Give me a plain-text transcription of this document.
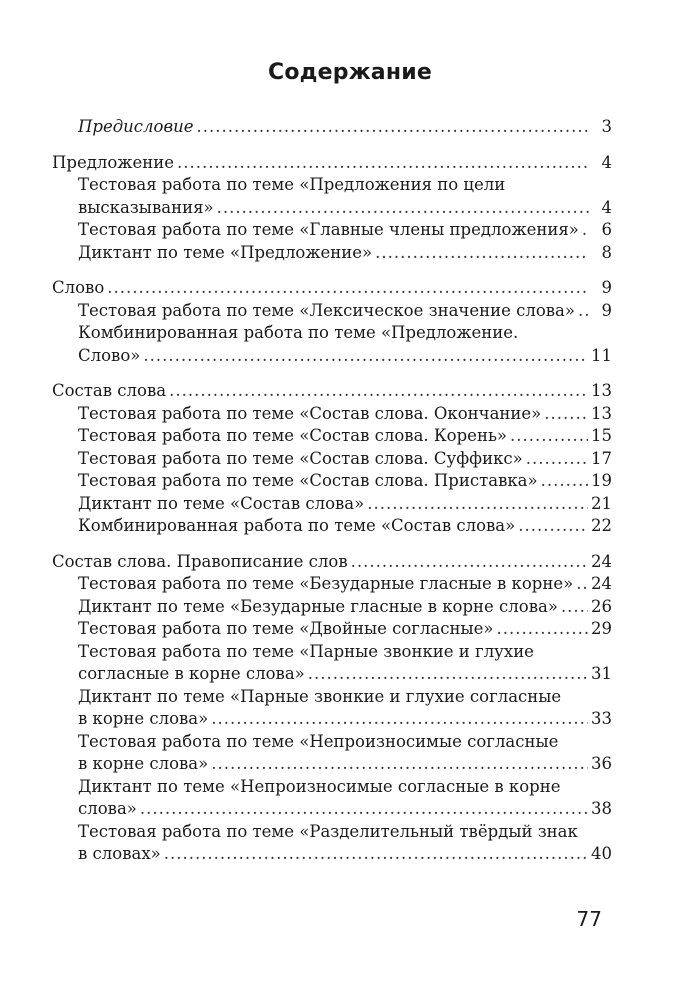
Содержание
Предисловие .....	3
Предложение .....	4
Тестовая работа по теме «Предложения по цели
высказывания» .....	4
Тестовая работа по теме «Главные члены предложения» .....	6
Диктант по теме «Предложение» .....	8
Слово .....	9
Тестовая работа по теме «Лексическое значение слова» .....	9
Комбинированная работа по теме «Предложение.
Слово» .....	11
Состав слова .....	13
Тестовая работа по теме «Состав слова. Окончание» .....	13
Тестовая работа по теме «Состав слова. Корень» .....	15
Тестовая работа по теме «Состав слова. Суффикс» .....	17
Тестовая работа по теме «Состав слова. Приставка» .....	19
Диктант по теме «Состав слова» .....	21
Комбинированная работа по теме «Состав слова» .....	22
Состав слова. Правописание слов .....	24
Тестовая работа по теме «Безударные гласные в корне» ..... 24
Диктант по теме «Безударные гласные в корне слова» ..... 26
Тестовая работа по теме «Двойные согласные» .....	29
Тестовая работа по теме «Парные звонкие и глухие
согласные в корне слова» .....	31
Диктант по теме «Парные звонкие и глухие согласные
в корне слова» .....	33
Тестовая работа по теме «Непроизносимые согласные
в корне слова» .....	36
Диктант по теме «Непроизносимые согласные в корне
слова» .....	38
Тестовая работа по теме «Разделительный твёрдый знак
в словах» .....	40
77
